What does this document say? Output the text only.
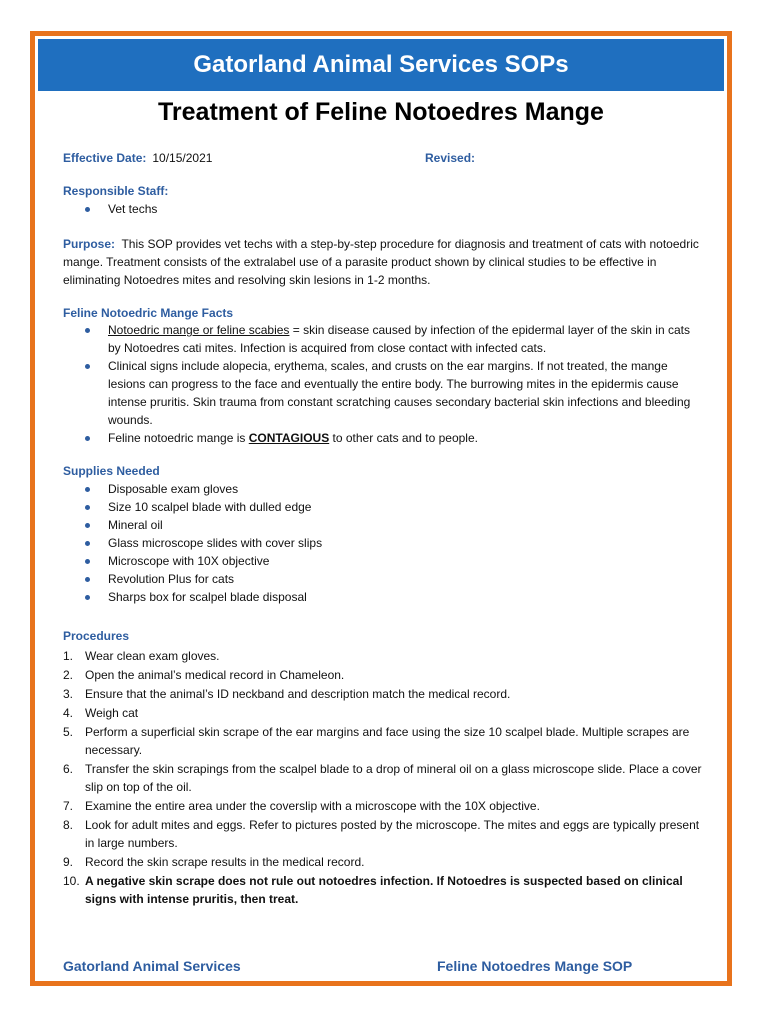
Gatorland Animal Services SOPs
Treatment of Feline Notoedres Mange
Effective Date: 10/15/2021	Revised:
Responsible Staff:
Vet techs
Purpose: This SOP provides vet techs with a step-by-step procedure for diagnosis and treatment of cats with notoedric mange. Treatment consists of the extralabel use of a parasite product shown by clinical studies to be effective in eliminating Notoedres mites and resolving skin lesions in 1-2 months.
Feline Notoedric Mange Facts
Notoedric mange or feline scabies = skin disease caused by infection of the epidermal layer of the skin in cats by Notoedres cati mites. Infection is acquired from close contact with infected cats.
Clinical signs include alopecia, erythema, scales, and crusts on the ear margins. If not treated, the mange lesions can progress to the face and eventually the entire body. The burrowing mites in the epidermis cause intense pruritis. Skin trauma from constant scratching causes secondary bacterial skin infections and bleeding wounds.
Feline notoedric mange is CONTAGIOUS to other cats and to people.
Supplies Needed
Disposable exam gloves
Size 10 scalpel blade with dulled edge
Mineral oil
Glass microscope slides with cover slips
Microscope with 10X objective
Revolution Plus for cats
Sharps box for scalpel blade disposal
Procedures
1. Wear clean exam gloves.
2. Open the animal’s medical record in Chameleon.
3. Ensure that the animal’s ID neckband and description match the medical record.
4. Weigh cat
5. Perform a superficial skin scrape of the ear margins and face using the size 10 scalpel blade. Multiple scrapes are necessary.
6. Transfer the skin scrapings from the scalpel blade to a drop of mineral oil on a glass microscope slide. Place a cover slip on top of the oil.
7. Examine the entire area under the coverslip with a microscope with the 10X objective.
8. Look for adult mites and eggs. Refer to pictures posted by the microscope. The mites and eggs are typically present in large numbers.
9. Record the skin scrape results in the medical record.
10. A negative skin scrape does not rule out notoedres infection. If Notoedres is suspected based on clinical signs with intense pruritis, then treat.
Gatorland Animal Services	Feline Notoedres Mange SOP
